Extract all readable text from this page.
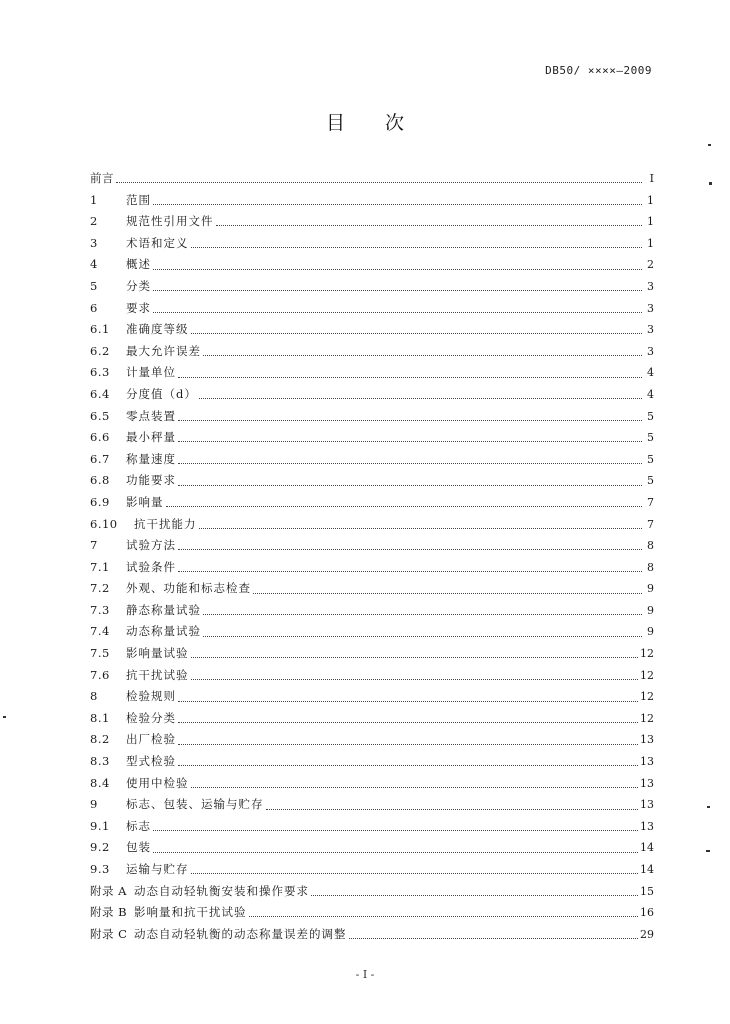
DB50/ ××××—2009
目 次
前言	I
1	范围	1
2	规范性引用文件	1
3	术语和定义	1
4	概述	2
5	分类	3
6	要求	3
6.1	准确度等级	3
6.2	最大允许误差	3
6.3	计量单位	4
6.4	分度值（d）	4
6.5	零点装置	5
6.6	最小秤量	5
6.7	称量速度	5
6.8	功能要求	5
6.9	影响量	7
6.10	抗干扰能力	7
7	试验方法	8
7.1	试验条件	8
7.2	外观、功能和标志检查	9
7.3	静态称量试验	9
7.4	动态称量试验	9
7.5	影响量试验	12
7.6	抗干扰试验	12
8	检验规则	12
8.1	检验分类	12
8.2	出厂检验	13
8.3	型式检验	13
8.4	使用中检验	13
9	标志、包装、运输与贮存	13
9.1	标志	13
9.2	包装	14
9.3	运输与贮存	14
附录 A 动态自动轻轨衡安装和操作要求	15
附录 B 影响量和抗干扰试验	16
附录 C 动态自动轻轨衡的动态称量误差的调整	29
- I -
